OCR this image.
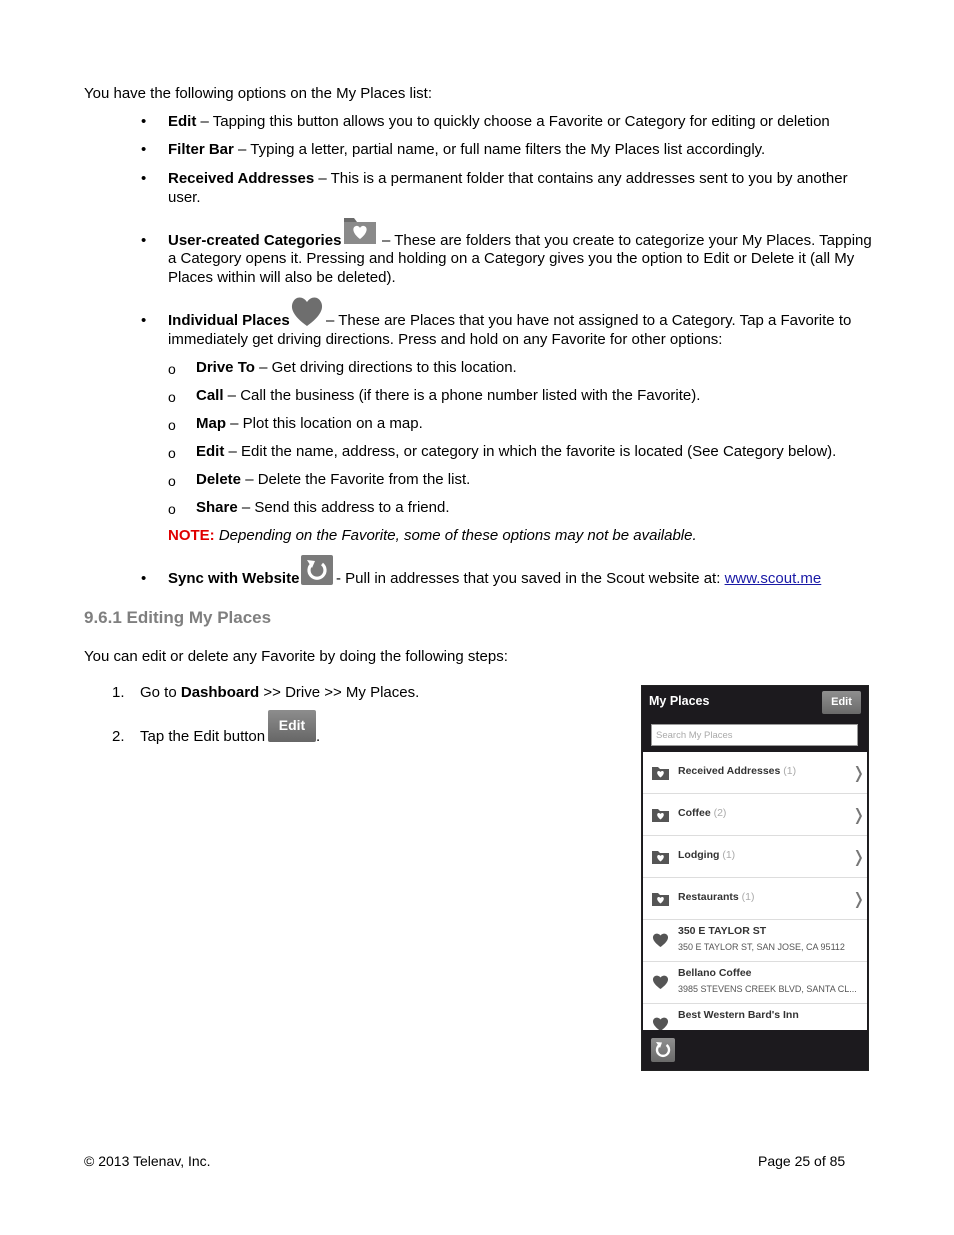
You have the following options on the My Places list:
• Edit – Tapping this button allows you to quickly choose a Favorite or Category for editing or deletion
• Filter Bar – Typing a letter, partial name, or full name filters the My Places list accordingly.
• Received Addresses – This is a permanent folder that contains any addresses sent to you by another
user.
• User-created Categories	– These are folders that you create to categorize your My Places. Tapping
a Category opens it. Pressing and holding on a Category gives you the option to Edit or Delete it (all My
Places within will also be deleted).
• Individual Places – These are Places that you have not assigned to a Category. Tap a Favorite to
immediately get driving directions. Press and hold on any Favorite for other options:
o Drive To – Get driving directions to this location.
o Call – Call the business (if there is a phone number listed with the Favorite).
o Map – Plot this location on a map.
o Edit – Edit the name, address, or category in which the favorite is located (See Category below).
o Delete – Delete the Favorite from the list.
o Share – Send this address to a friend.
NOTE: Depending on the Favorite, some of these options may not be available.
• Sync with Website - Pull in addresses that you saved in the Scout website at: www.scout.me
9.6.1 Editing My Places
You can edit or delete any Favorite by doing the following steps:
1. Go to Dashboard >> Drive >> My Places.
2. Tap the Edit button
Edit
.
My Places	Edit
Search My Places
Received Addresses (1)	❭
Coffee (2)	❭
Lodging (1)	❭
Restaurants (1)	❭
350 E TAYLOR ST
350 E TAYLOR ST, SAN JOSE, CA 95112
Bellano Coffee
3985 STEVENS CREEK BLVD, SANTA CL...
Best Western Bard's Inn
© 2013 Telenav, Inc.	Page 25 of 85
